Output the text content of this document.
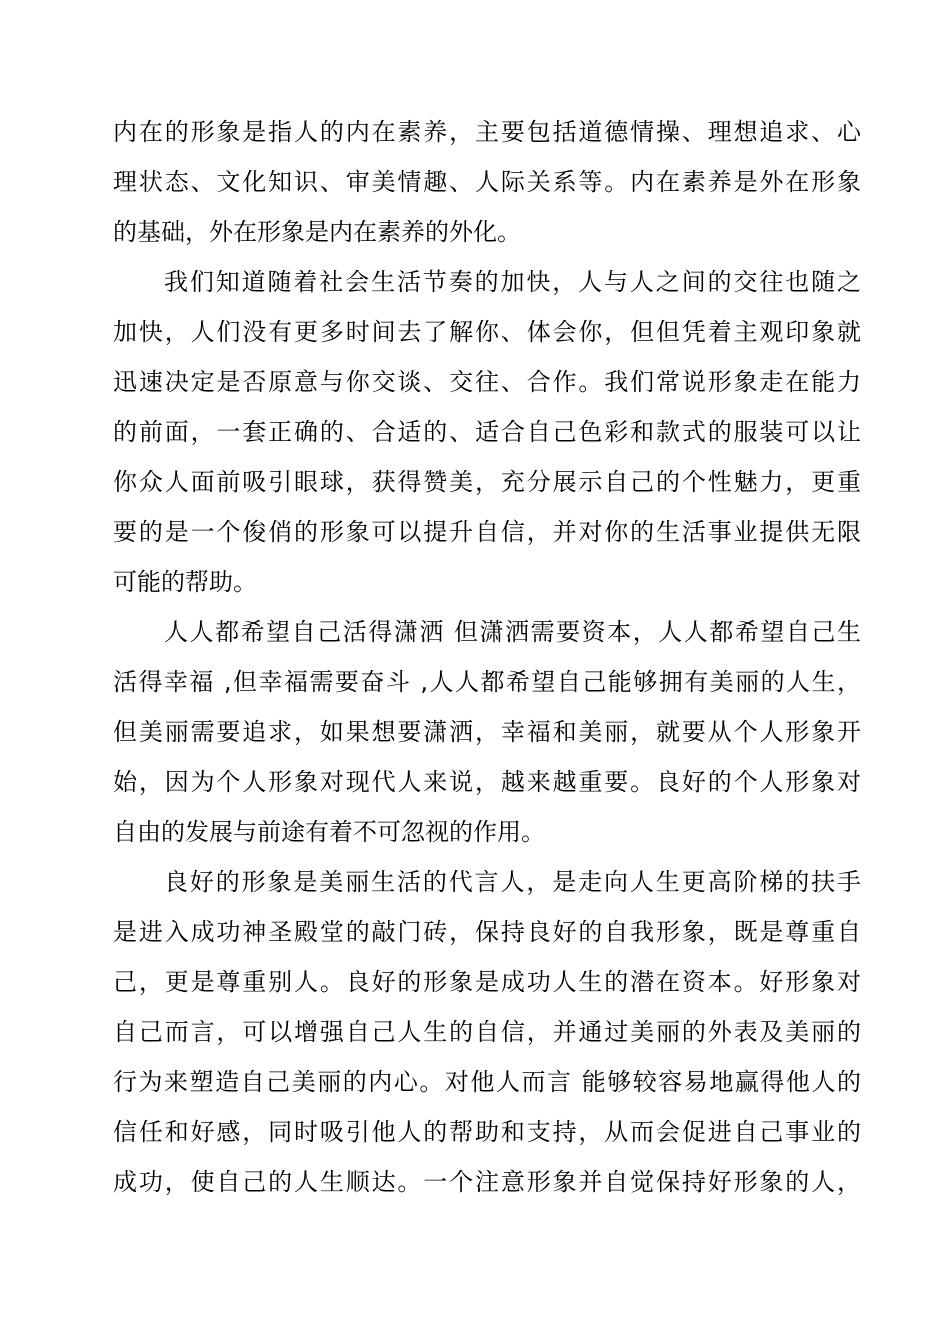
内在的形象是指人的内在素养，主要包括道德情操、理想追求、心
理状态、文化知识、审美情趣、人际关系等。内在素养是外在形象
的基础，外在形象是内在素养的外化。
我们知道随着社会生活节奏的加快，人与人之间的交往也随之
加快，人们没有更多时间去了解你、体会你，但但凭着主观印象就
迅速决定是否原意与你交谈、交往、合作。我们常说形象走在能力
的前面，一套正确的、合适的、适合自己色彩和款式的服装可以让
你众人面前吸引眼球，获得赞美，充分展示自己的个性魅力，更重
要的是一个俊俏的形象可以提升自信，并对你的生活事业提供无限
可能的帮助。
人人都希望自己活得潇洒 但潇洒需要资本，人人都希望自己生
活得幸福 ,但幸福需要奋斗 ,人人都希望自己能够拥有美丽的人生，
但美丽需要追求，如果想要潇洒，幸福和美丽，就要从个人形象开
始，因为个人形象对现代人来说，越来越重要。良好的个人形象对
自由的发展与前途有着不可忽视的作用。
良好的形象是美丽生活的代言人，是走向人生更高阶梯的扶手
是进入成功神圣殿堂的敲门砖，保持良好的自我形象，既是尊重自
己，更是尊重别人。良好的形象是成功人生的潜在资本。好形象对
自己而言，可以增强自己人生的自信，并通过美丽的外表及美丽的
行为来塑造自己美丽的内心。对他人而言 能够较容易地赢得他人的
信任和好感，同时吸引他人的帮助和支持，从而会促进自己事业的
成功，使自己的人生顺达。一个注意形象并自觉保持好形象的人，
